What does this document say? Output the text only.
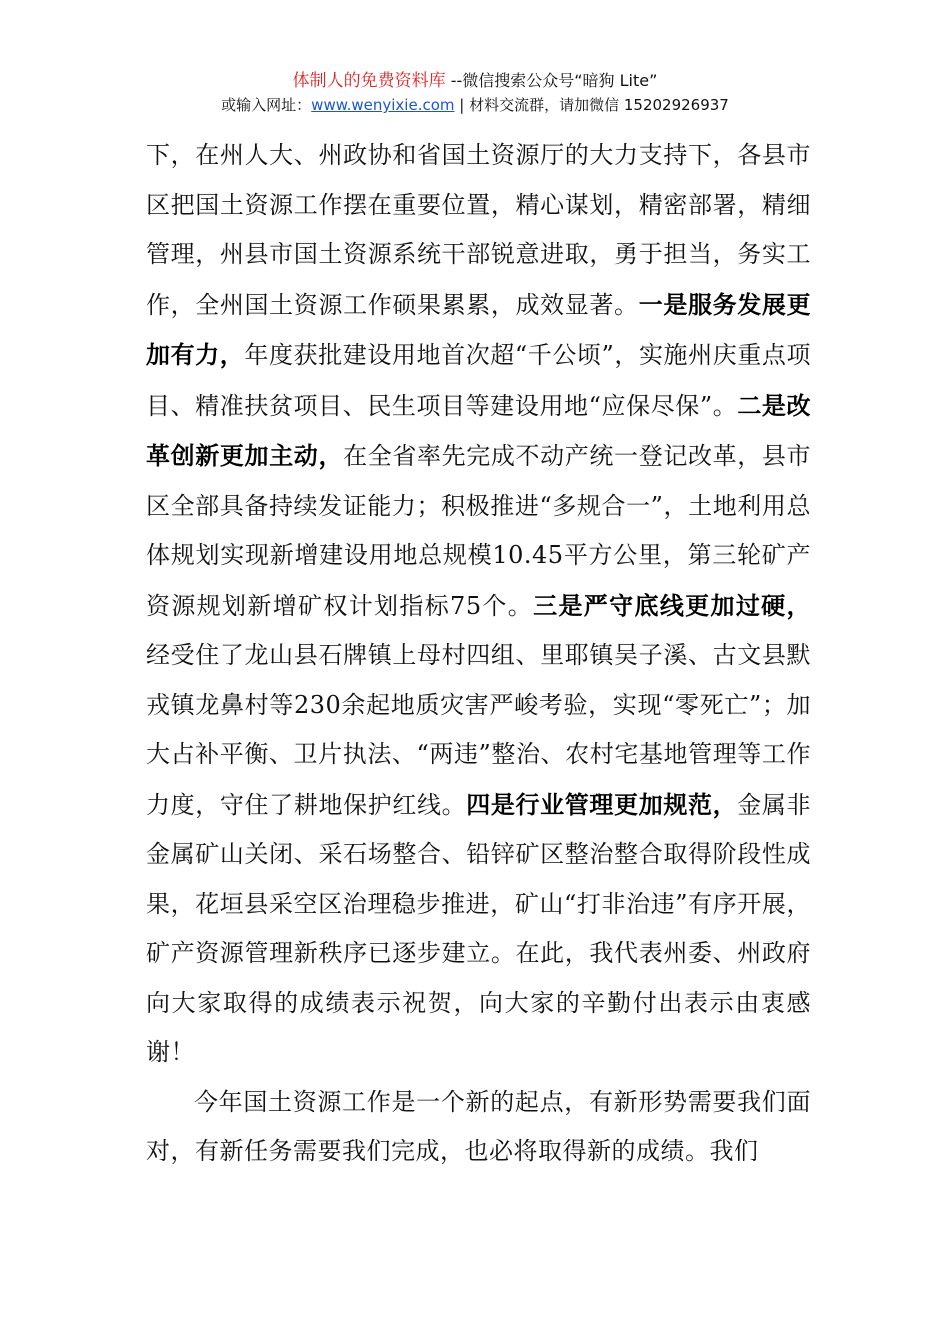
体制人的免费资料库 --微信搜索公众号“暗狗 Lite”
或输入网址：www.wenyixie.com | 材料交流群，请加微信 15202926937

下，在州人大、州政协和省国土资源厅的大力支持下，各县市区把国土资源工作摆在重要位置，精心谋划，精密部署，精细管理，州县市国土资源系统干部锐意进取，勇于担当，务实工作，全州国土资源工作硕果累累，成效显著。一是服务发展更加有力，年度获批建设用地首次超“千公顷”，实施州庆重点项目、精准扶贫项目、民生项目等建设用地“应保尽保”。二是改革创新更加主动，在全省率先完成不动产统一登记改革，县市区全部具备持续发证能力；积极推进“多规合一”，土地利用总体规划实现新增建设用地总规模10.45平方公里，第三轮矿产资源规划新增矿权计划指标75个。三是严守底线更加过硬，经受住了龙山县石牌镇上母村四组、里耶镇吴子溪、古文县默戎镇龙鼻村等230余起地质灾害严峻考验，实现“零死亡”；加大占补平衡、卫片执法、“两违”整治、农村宅基地管理等工作力度，守住了耕地保护红线。四是行业管理更加规范，金属非金属矿山关闭、采石场整合、铅锌矿区整治整合取得阶段性成果，花垣县采空区治理稳步推进，矿山“打非治违”有序开展，矿产资源管理新秩序已逐步建立。在此，我代表州委、州政府向大家取得的成绩表示祝贺，向大家的辛勤付出表示由衷感谢！

今年国土资源工作是一个新的起点，有新形势需要我们面对，有新任务需要我们完成，也必将取得新的成绩。我们
